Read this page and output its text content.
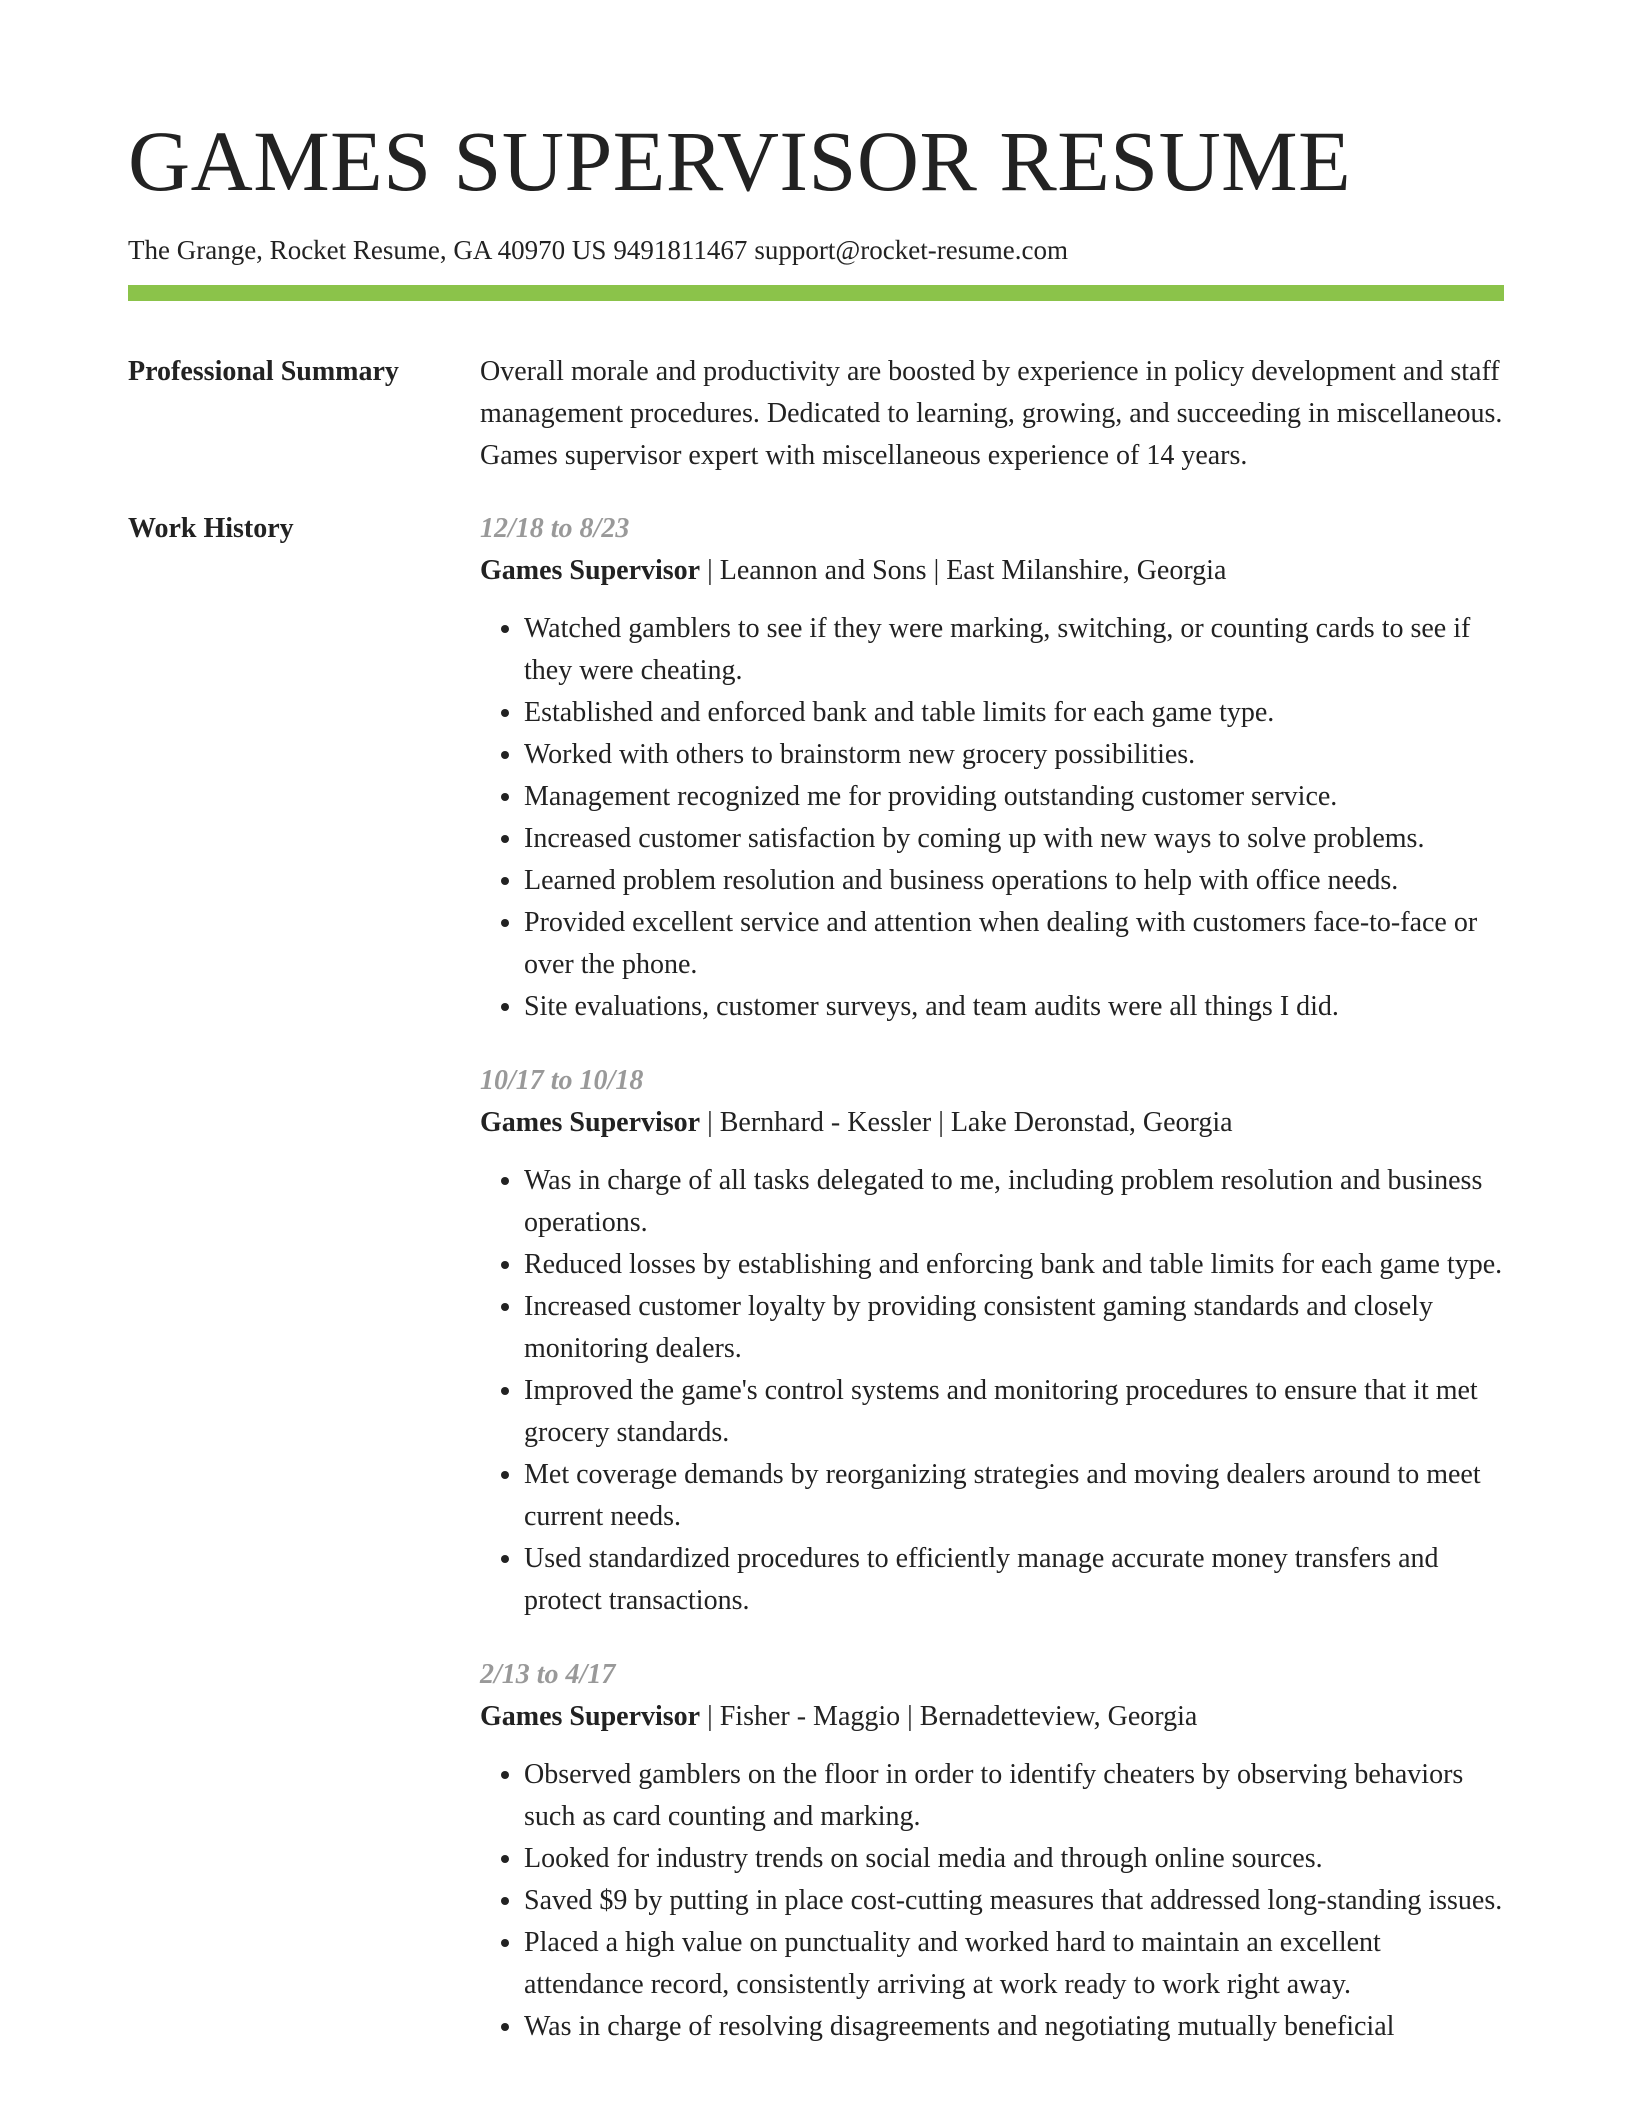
GAMES SUPERVISOR RESUME
The Grange, Rocket Resume, GA 40970 US 9491811467 support@rocket-resume.com
Professional Summary	Overall morale and productivity are boosted by experience in policy development and staff management procedures. Dedicated to learning, growing, and succeeding in miscellaneous. Games supervisor expert with miscellaneous experience of 14 years.

Work History	12/18 to 8/23
Games Supervisor | Leannon and Sons | East Milanshire, Georgia
• Watched gamblers to see if they were marking, switching, or counting cards to see if they were cheating.
• Established and enforced bank and table limits for each game type.
• Worked with others to brainstorm new grocery possibilities.
• Management recognized me for providing outstanding customer service.
• Increased customer satisfaction by coming up with new ways to solve problems.
• Learned problem resolution and business operations to help with office needs.
• Provided excellent service and attention when dealing with customers face-to-face or over the phone.
• Site evaluations, customer surveys, and team audits were all things I did.
10/17 to 10/18
Games Supervisor | Bernhard - Kessler | Lake Deronstad, Georgia
• Was in charge of all tasks delegated to me, including problem resolution and business operations.
• Reduced losses by establishing and enforcing bank and table limits for each game type.
• Increased customer loyalty by providing consistent gaming standards and closely monitoring dealers.
• Improved the game's control systems and monitoring procedures to ensure that it met grocery standards.
• Met coverage demands by reorganizing strategies and moving dealers around to meet current needs.
• Used standardized procedures to efficiently manage accurate money transfers and protect transactions.
2/13 to 4/17
Games Supervisor | Fisher - Maggio | Bernadetteview, Georgia
• Observed gamblers on the floor in order to identify cheaters by observing behaviors such as card counting and marking.
• Looked for industry trends on social media and through online sources.
• Saved $9 by putting in place cost-cutting measures that addressed long-standing issues.
• Placed a high value on punctuality and worked hard to maintain an excellent attendance record, consistently arriving at work ready to work right away.
• Was in charge of resolving disagreements and negotiating mutually beneficial
